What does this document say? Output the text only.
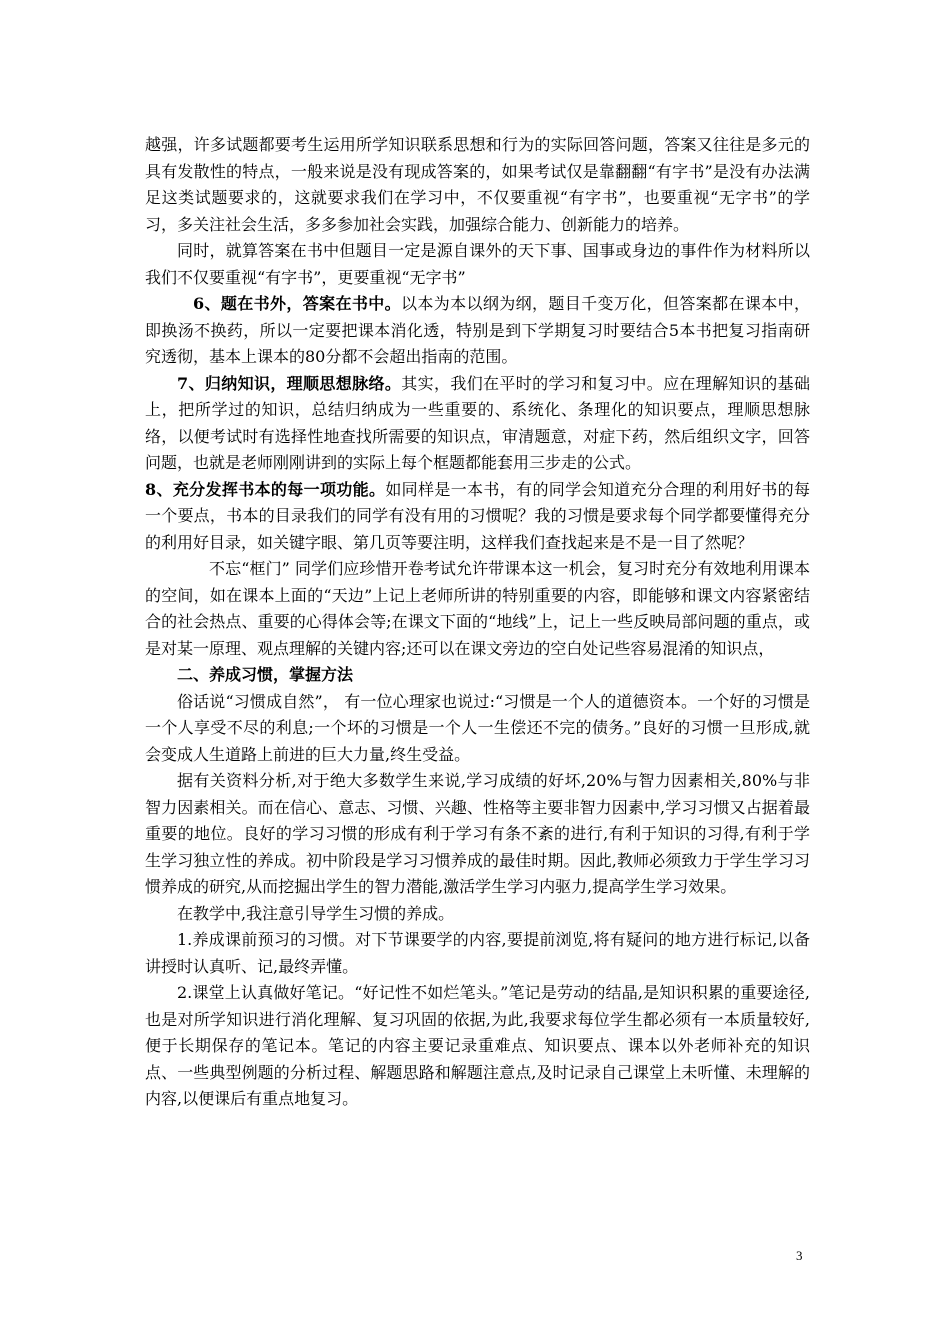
越强，许多试题都要考生运用所学知识联系思想和行为的实际回答问题，答案又往往是多元的具有发散性的特点，一般来说是没有现成答案的，如果考试仅是靠翻翻“有字书”是没有办法满足这类试题要求的，这就要求我们在学习中，不仅要重视“有字书”，也要重视“无字书”的学习，多关注社会生活，多多参加社会实践，加强综合能力、创新能力的培养。

同时，就算答案在书中但题目一定是源自课外的天下事、国事或身边的事件作为材料所以我们不仅要重视“有字书”，更要重视“无字书”

6、题在书外，答案在书中。以本为本以纲为纲，题目千变万化，但答案都在课本中，即换汤不换药，所以一定要把课本消化透，特别是到下学期复习时要结合5本书把复习指南研究透彻，基本上课本的80分都不会超出指南的范围。

7、归纳知识，理顺思想脉络。其实，我们在平时的学习和复习中。应在理解知识的基础上，把所学过的知识，总结归纳成为一些重要的、系统化、条理化的知识要点，理顺思想脉络，以便考试时有选择性地查找所需要的知识点，审清题意，对症下药，然后组织文字，回答问题，也就是老师刚刚讲到的实际上每个框题都能套用三步走的公式。

8、充分发挥书本的每一项功能。如同样是一本书，有的同学会知道充分合理的利用好书的每一个要点，书本的目录我们的同学有没有用的习惯呢？我的习惯是要求每个同学都要懂得充分的利用好目录，如关键字眼、第几页等要注明，这样我们查找起来是不是一目了然呢？

不忘“框门” 同学们应珍惜开卷考试允许带课本这一机会，复习时充分有效地利用课本的空间，如在课本上面的“天边”上记上老师所讲的特别重要的内容，即能够和课文内容紧密结合的社会热点、重要的心得体会等;在课文下面的“地线”上，记上一些反映局部问题的重点，或是对某一原理、观点理解的关键内容;还可以在课文旁边的空白处记些容易混淆的知识点，

二、养成习惯，掌握方法

俗话说“习惯成自然”， 有一位心理家也说过:“习惯是一个人的道德资本。一个好的习惯是一个人享受不尽的利息;一个坏的习惯是一个人一生偿还不完的债务。”良好的习惯一旦形成,就会变成人生道路上前进的巨大力量,终生受益。

据有关资料分析,对于绝大多数学生来说,学习成绩的好坏,20%与智力因素相关,80%与非智力因素相关。而在信心、意志、习惯、兴趣、性格等主要非智力因素中,学习习惯又占据着最重要的地位。良好的学习习惯的形成有利于学习有条不紊的进行,有利于知识的习得,有利于学生学习独立性的养成。初中阶段是学习习惯养成的最佳时期。因此,教师必须致力于学生学习习惯养成的研究,从而挖掘出学生的智力潜能,激活学生学习内驱力,提高学生学习效果。

在教学中,我注意引导学生习惯的养成。

1.养成课前预习的习惯。对下节课要学的内容,要提前浏览,将有疑问的地方进行标记,以备讲授时认真听、记,最终弄懂。

2.课堂上认真做好笔记。“好记性不如烂笔头。”笔记是劳动的结晶,是知识积累的重要途径,也是对所学知识进行消化理解、复习巩固的依据,为此,我要求每位学生都必须有一本质量较好,便于长期保存的笔记本。笔记的内容主要记录重难点、知识要点、课本以外老师补充的知识点、一些典型例题的分析过程、解题思路和解题注意点,及时记录自己课堂上未听懂、未理解的内容,以便课后有重点地复习。

3
